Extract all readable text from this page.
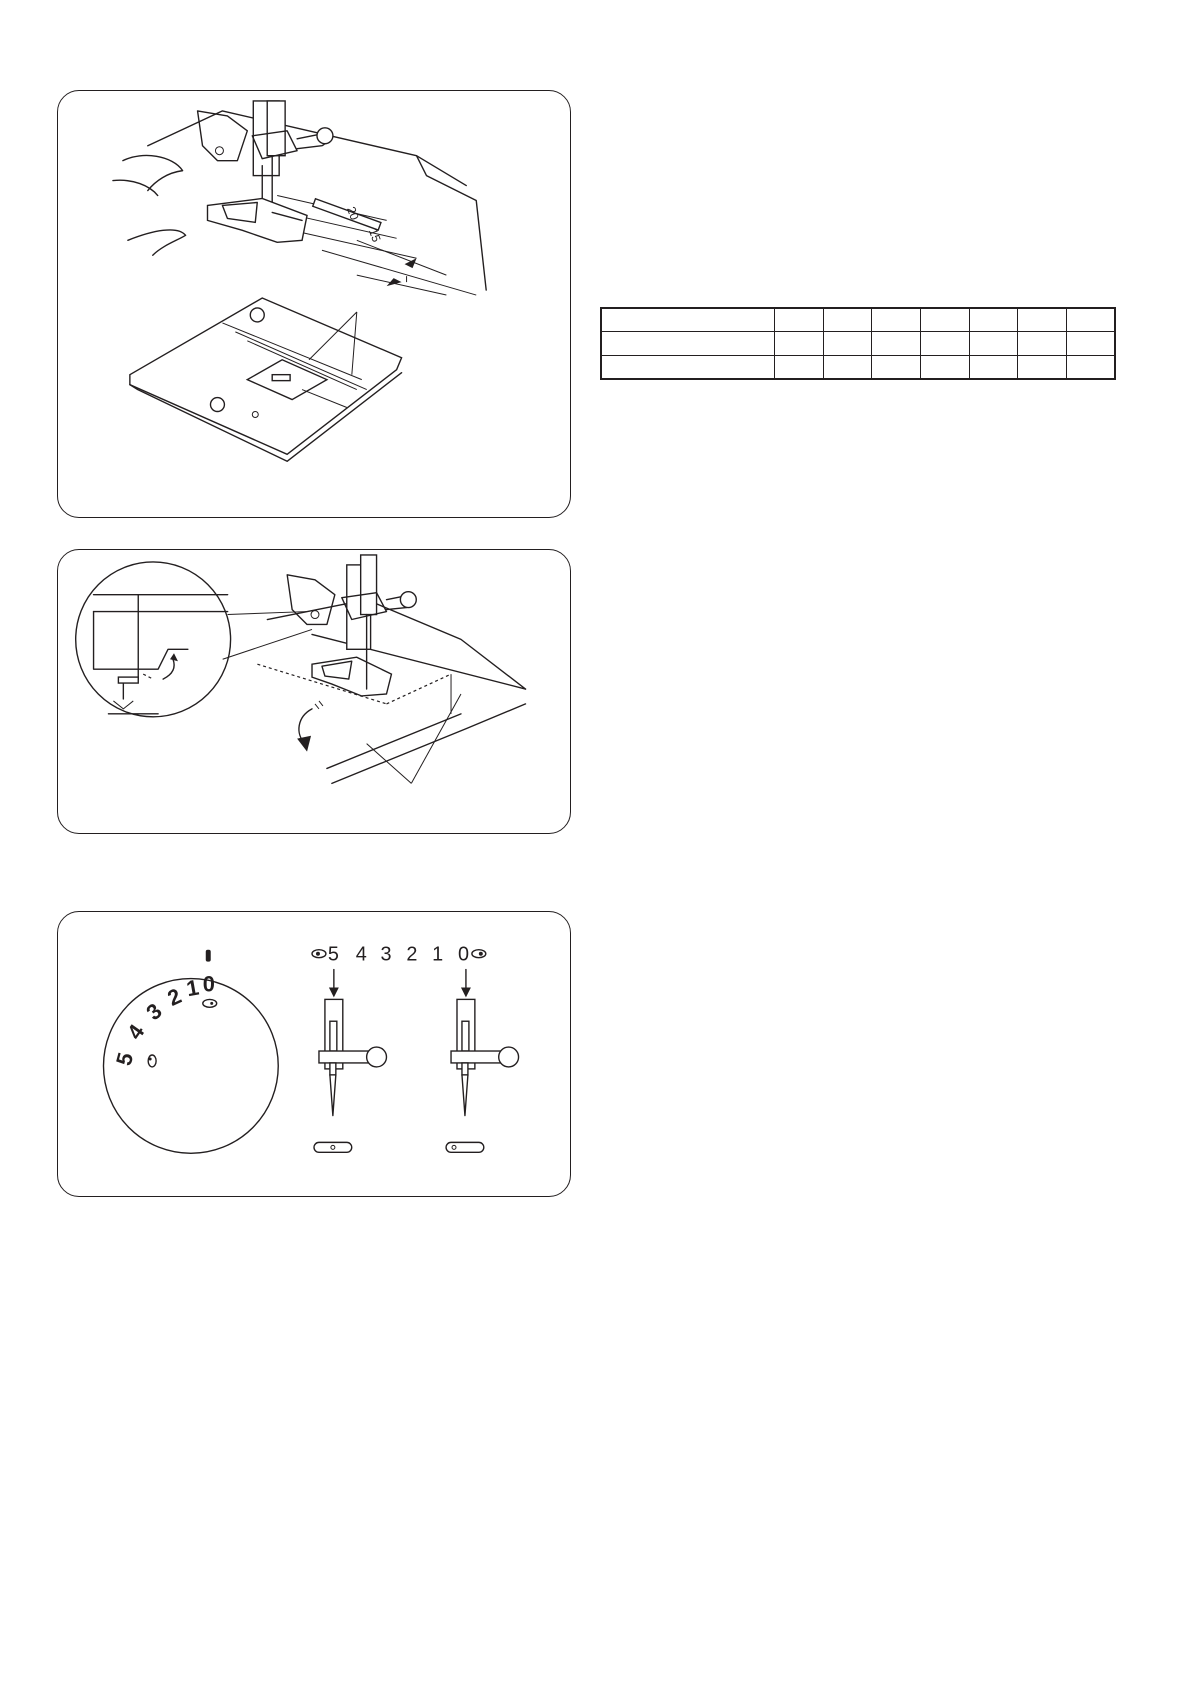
20
15

5
4
3
2 1 0
5 4 3 2 1 0
